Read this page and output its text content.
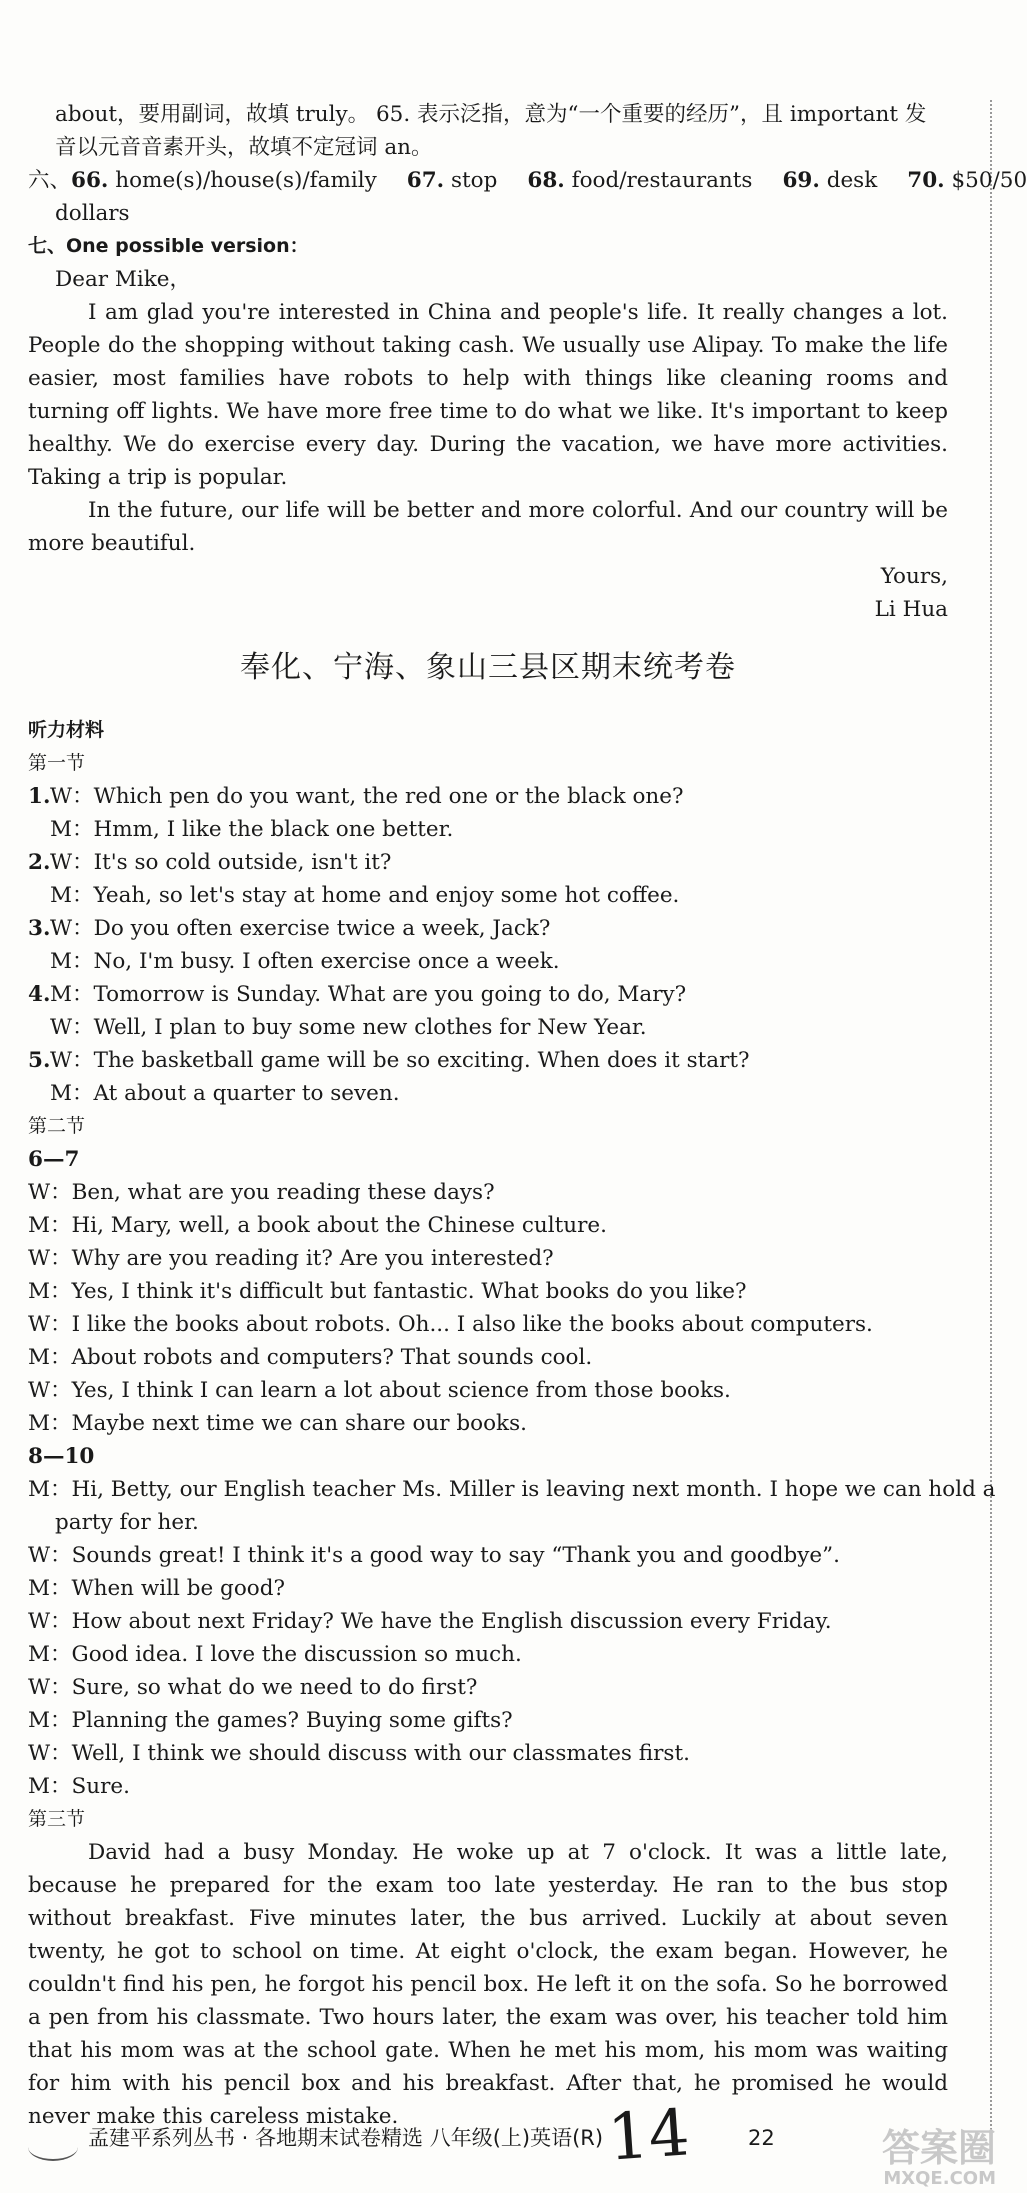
about，要用副词，故填 truly。 65. 表示泛指，意为“一个重要的经历”，且 important 发
音以元音音素开头，故填不定冠词 an。
六、66. home(s)/house(s)/family 67. stop 68. food/restaurants 69. desk 70. $50/50
dollars
七、One possible version：
Dear Mike，
I am glad you're interested in China and people's life. It really changes a lot. People do the shopping without taking cash. We usually use Alipay. To make the life easier, most families have robots to help with things like cleaning rooms and turning off lights. We have more free time to do what we like. It's important to keep healthy. We do exercise every day. During the vacation, we have more activities. Taking a trip is popular.
In the future, our life will be better and more colorful. And our country will be more beautiful.
Yours,
Li Hua
奉化、宁海、象山三县区期末统考卷
听力材料
第一节
1.W：Which pen do you want, the red one or the black one?
M：Hmm, I like the black one better.
2.W：It's so cold outside, isn't it?
M：Yeah, so let's stay at home and enjoy some hot coffee.
3.W：Do you often exercise twice a week, Jack?
M：No, I'm busy. I often exercise once a week.
4.M：Tomorrow is Sunday. What are you going to do, Mary?
W：Well, I plan to buy some new clothes for New Year.
5.W：The basketball game will be so exciting. When does it start?
M：At about a quarter to seven.
第二节
6—7
W：Ben, what are you reading these days?
M：Hi, Mary, well, a book about the Chinese culture.
W：Why are you reading it? Are you interested?
M：Yes, I think it's difficult but fantastic. What books do you like?
W：I like the books about robots. Oh... I also like the books about computers.
M：About robots and computers? That sounds cool.
W：Yes, I think I can learn a lot about science from those books.
M：Maybe next time we can share our books.
8—10
M：Hi, Betty, our English teacher Ms. Miller is leaving next month. I hope we can hold a
party for her.
W：Sounds great! I think it's a good way to say “Thank you and goodbye”.
M：When will be good?
W：How about next Friday? We have the English discussion every Friday.
M：Good idea. I love the discussion so much.
W：Sure, so what do we need to do first?
M：Planning the games? Buying some gifts?
W：Well, I think we should discuss with our classmates first.
M：Sure.
第三节
David had a busy Monday. He woke up at 7 o'clock. It was a little late, because he prepared for the exam too late yesterday. He ran to the bus stop without breakfast. Five minutes later, the bus arrived. Luckily at about seven twenty, he got to school on time. At eight o'clock, the exam began. However, he couldn't find his pen, he forgot his pencil box. He left it on the sofa. So he borrowed a pen from his classmate. Two hours later, the exam was over, his teacher told him that his mom was at the school gate. When he met his mom, his mom was waiting for him with his pencil box and his breakfast. After that, he promised he would never make this careless mistake.
孟建平系列丛书 · 各地期末试卷精选 八年级(上)英语(R) 14	22	答案圈
MXQE.COM
